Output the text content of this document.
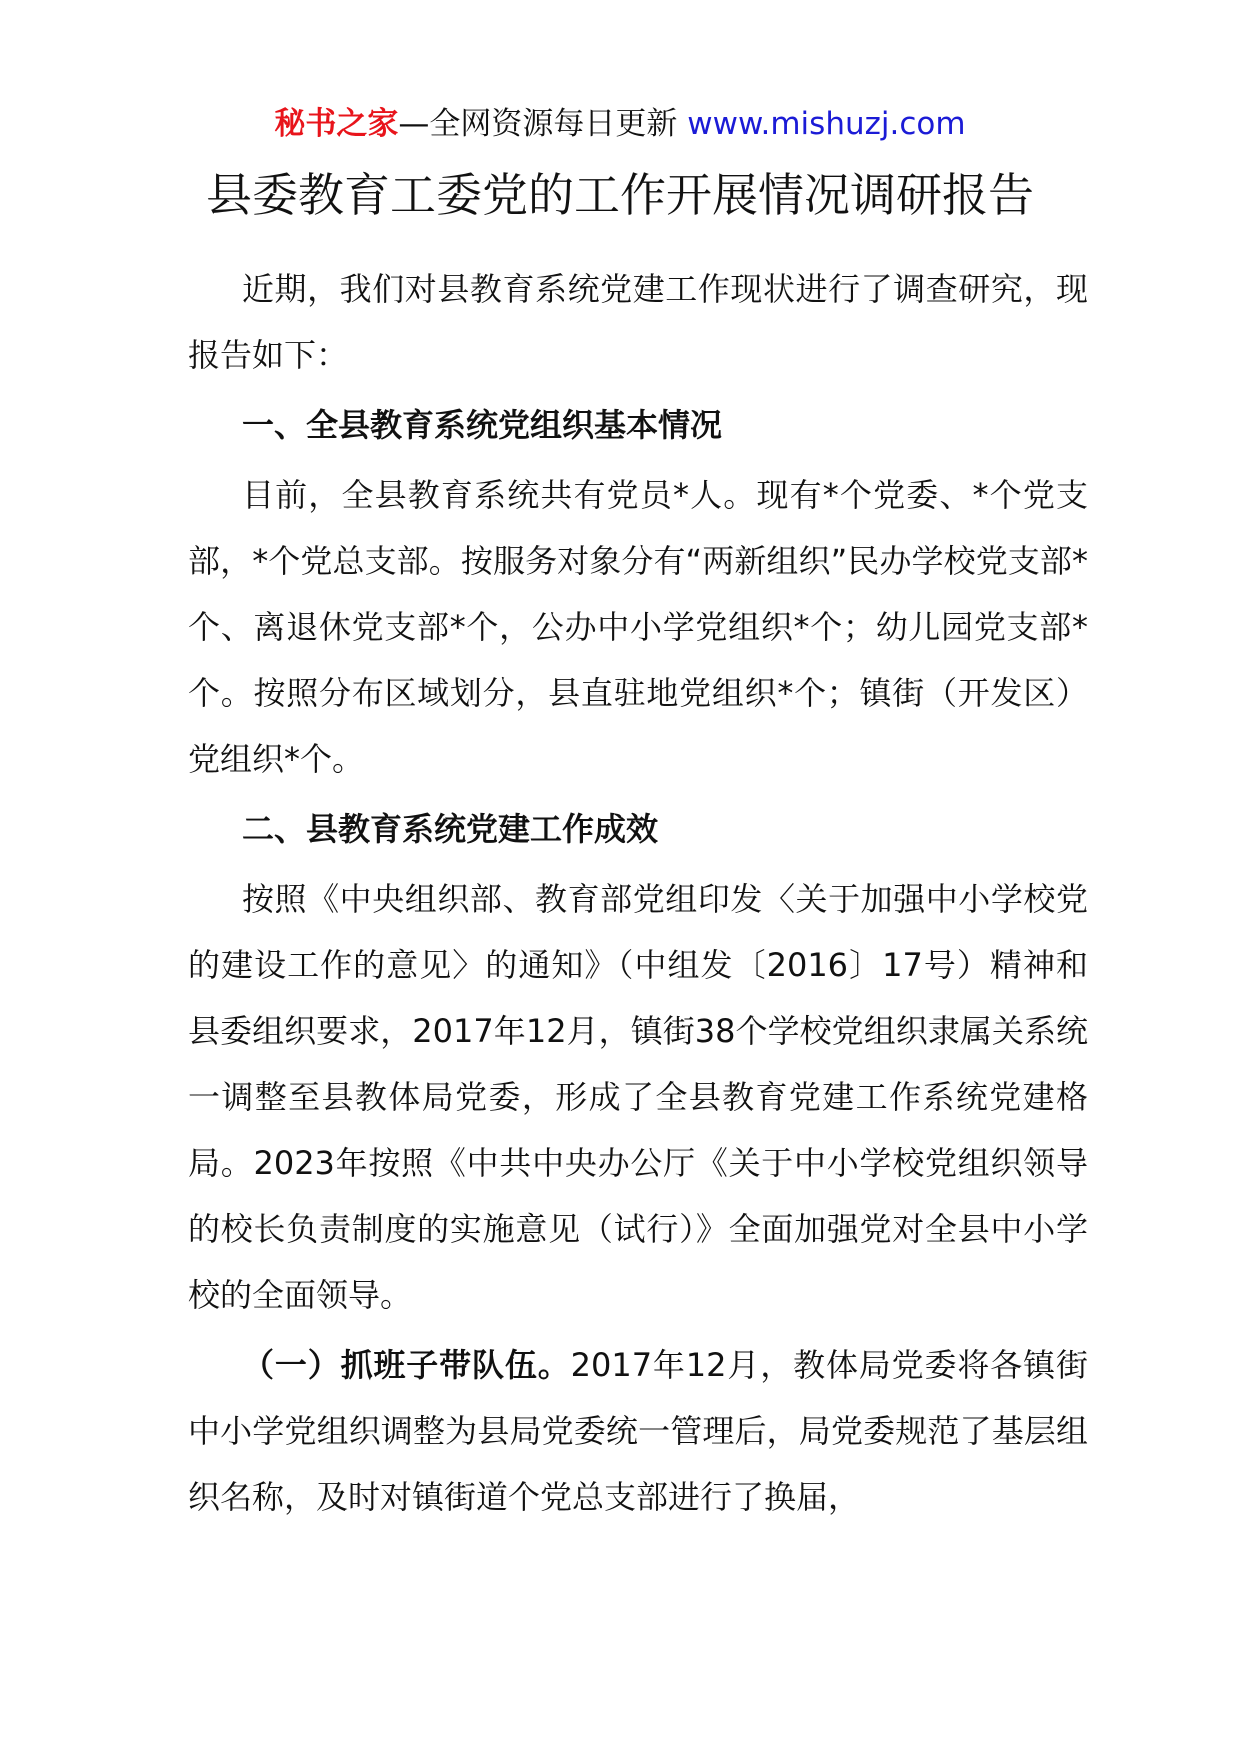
秘书之家—全网资源每日更新 www.mishuzj.com
县委教育工委党的工作开展情况调研报告

近期，我们对县教育系统党建工作现状进行了调查研究，现报告如下：

一、全县教育系统党组织基本情况

目前，全县教育系统共有党员*人。现有*个党委、*个党支部，*个党总支部。按服务对象分有“两新组织”民办学校党支部*个、离退休党支部*个，公办中小学党组织*个；幼儿园党支部*个。按照分布区域划分，县直驻地党组织*个；镇街（开发区）党组织*个。

二、县教育系统党建工作成效

按照《中央组织部、教育部党组印发〈关于加强中小学校党的建设工作的意见〉的通知》（中组发〔2016〕17号）精神和县委组织要求，2017年12月，镇街38个学校党组织隶属关系统一调整至县教体局党委，形成了全县教育党建工作系统党建格局。2023年按照《中共中央办公厅《关于中小学校党组织领导的校长负责制度的实施意见（试行）》全面加强党对全县中小学校的全面领导。

（一）抓班子带队伍。2017年12月，教体局党委将各镇街中小学党组织调整为县局党委统一管理后，局党委规范了基层组织名称，及时对镇街道个党总支部进行了换届，
